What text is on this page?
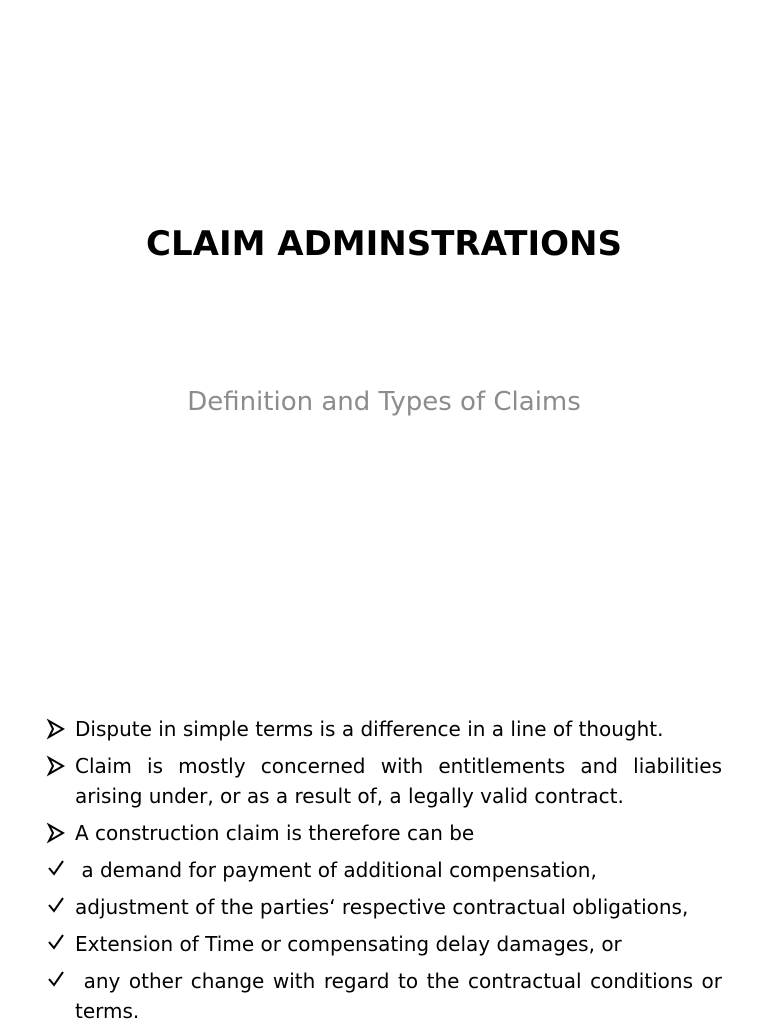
CLAIM ADMINSTRATIONS
Definition and Types of Claims
Dispute in simple terms is a difference in a line of thought.
Claim is mostly concerned with entitlements and liabilities arising under, or as a result of, a legally valid contract.
A construction claim is therefore can be
a demand for payment of additional compensation,
adjustment of the parties‘ respective contractual obligations,
Extension of Time or compensating delay damages, or
any other change with regard to the contractual conditions or terms.
